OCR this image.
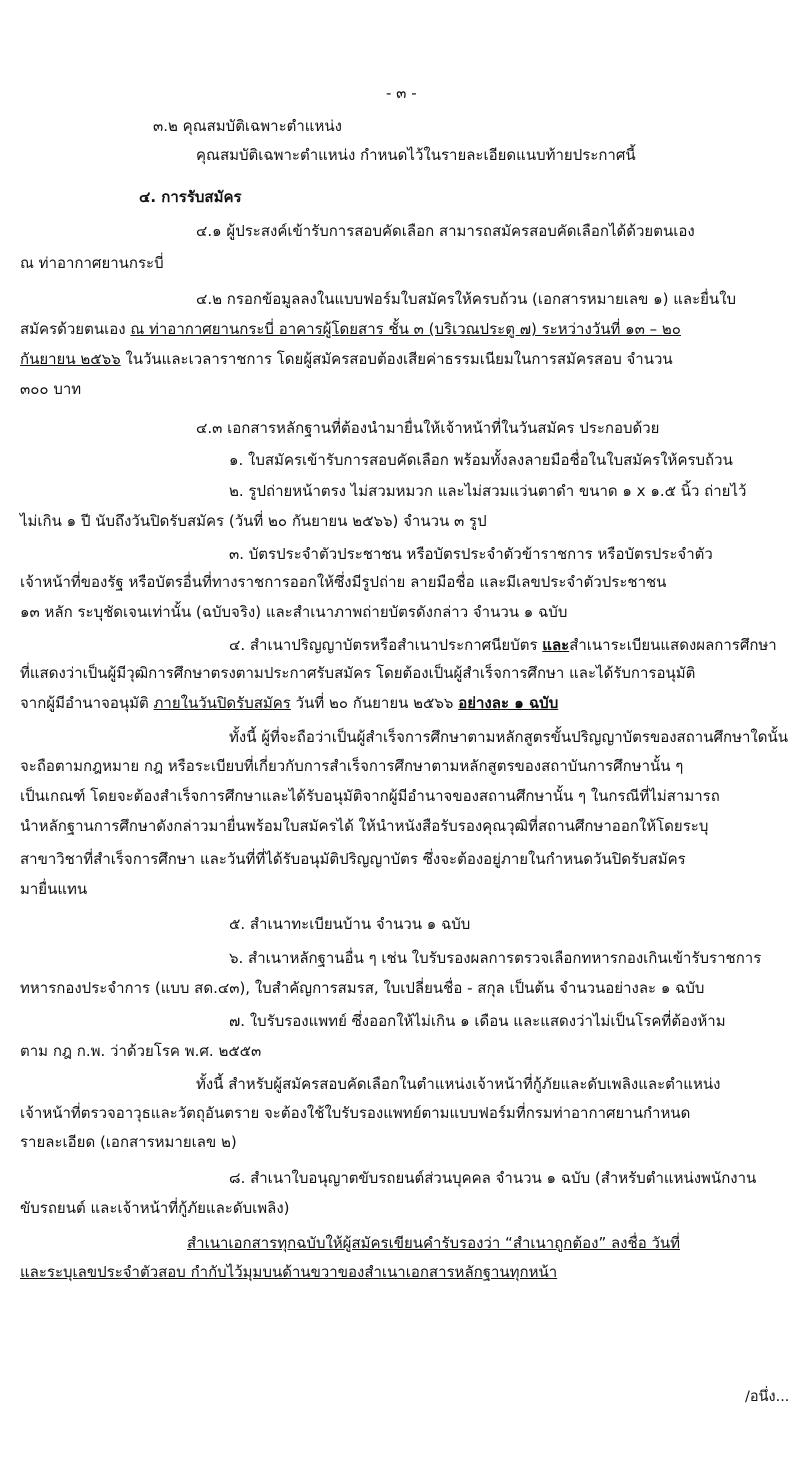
- ๓ -
๓.๒ คุณสมบัติเฉพาะตำแหน่ง
คุณสมบัติเฉพาะตำแหน่ง กำหนดไว้ในรายละเอียดแนบท้ายประกาศนี้
๔. การรับสมัคร
๔.๑ ผู้ประสงค์เข้ารับการสอบคัดเลือก สามารถสมัครสอบคัดเลือกได้ด้วยตนเอง
ณ ท่าอากาศยานกระบี่
๔.๒ กรอกข้อมูลลงในแบบฟอร์มใบสมัครให้ครบถ้วน (เอกสารหมายเลข ๑) และยื่นใบ
สมัครด้วยตนเอง ณ ท่าอากาศยานกระบี่ อาคารผู้โดยสาร ชั้น ๓ (บริเวณประตู ๗) ระหว่างวันที่ ๑๓ – ๒๐
กันยายน ๒๕๖๖ ในวันและเวลาราชการ โดยผู้สมัครสอบต้องเสียค่าธรรมเนียมในการสมัครสอบ จำนวน
๓๐๐ บาท
๔.๓ เอกสารหลักฐานที่ต้องนำมายื่นให้เจ้าหน้าที่ในวันสมัคร ประกอบด้วย
๑. ใบสมัครเข้ารับการสอบคัดเลือก พร้อมทั้งลงลายมือชื่อในใบสมัครให้ครบถ้วน
๒. รูปถ่ายหน้าตรง ไม่สวมหมวก และไม่สวมแว่นตาดำ ขนาด ๑ x ๑.๕ นิ้ว ถ่ายไว้
ไม่เกิน ๑ ปี นับถึงวันปิดรับสมัคร (วันที่ ๒๐ กันยายน ๒๕๖๖) จำนวน ๓ รูป
๓. บัตรประจำตัวประชาชน หรือบัตรประจำตัวข้าราชการ หรือบัตรประจำตัว
เจ้าหน้าที่ของรัฐ หรือบัตรอื่นที่ทางราชการออกให้ซึ่งมีรูปถ่าย ลายมือชื่อ และมีเลขประจำตัวประชาชน
๑๓ หลัก ระบุชัดเจนเท่านั้น (ฉบับจริง) และสำเนาภาพถ่ายบัตรดังกล่าว จำนวน ๑ ฉบับ
๔. สำเนาปริญญาบัตรหรือสำเนาประกาศนียบัตร และสำเนาระเบียนแสดงผลการศึกษา
ที่แสดงว่าเป็นผู้มีวุฒิการศึกษาตรงตามประกาศรับสมัคร โดยต้องเป็นผู้สำเร็จการศึกษา และได้รับการอนุมัติ
จากผู้มีอำนาจอนุมัติ ภายในวันปิดรับสมัคร วันที่ ๒๐ กันยายน ๒๕๖๖ อย่างละ ๑ ฉบับ
ทั้งนี้ ผู้ที่จะถือว่าเป็นผู้สำเร็จการศึกษาตามหลักสูตรขั้นปริญญาบัตรของสถานศึกษาใดนั้น
จะถือตามกฎหมาย กฎ หรือระเบียบที่เกี่ยวกับการสำเร็จการศึกษาตามหลักสูตรของสถาบันการศึกษานั้น ๆ
เป็นเกณฑ์ โดยจะต้องสำเร็จการศึกษาและได้รับอนุมัติจากผู้มีอำนาจของสถานศึกษานั้น ๆ ในกรณีที่ไม่สามารถ
นำหลักฐานการศึกษาดังกล่าวมายื่นพร้อมใบสมัครได้ ให้นำหนังสือรับรองคุณวุฒิที่สถานศึกษาออกให้โดยระบุ
สาขาวิชาที่สำเร็จการศึกษา และวันที่ที่ได้รับอนุมัติปริญญาบัตร ซึ่งจะต้องอยู่ภายในกำหนดวันปิดรับสมัคร
มายื่นแทน
๕. สำเนาทะเบียนบ้าน จำนวน ๑ ฉบับ
๖. สำเนาหลักฐานอื่น ๆ เช่น ใบรับรองผลการตรวจเลือกทหารกองเกินเข้ารับราชการ
ทหารกองประจำการ (แบบ สด.๔๓), ใบสำคัญการสมรส, ใบเปลี่ยนชื่อ - สกุล เป็นต้น จำนวนอย่างละ ๑ ฉบับ
๗. ใบรับรองแพทย์ ซึ่งออกให้ไม่เกิน ๑ เดือน และแสดงว่าไม่เป็นโรคที่ต้องห้าม
ตาม กฎ ก.พ. ว่าด้วยโรค พ.ศ. ๒๕๕๓
ทั้งนี้ สำหรับผู้สมัครสอบคัดเลือกในตำแหน่งเจ้าหน้าที่กู้ภัยและดับเพลิงและตำแหน่ง
เจ้าหน้าที่ตรวจอาวุธและวัตถุอันตราย จะต้องใช้ใบรับรองแพทย์ตามแบบฟอร์มที่กรมท่าอากาศยานกำหนด
รายละเอียด (เอกสารหมายเลข ๒)
๘. สำเนาใบอนุญาตขับรถยนต์ส่วนบุคคล จำนวน ๑ ฉบับ (สำหรับตำแหน่งพนักงาน
ขับรถยนต์ และเจ้าหน้าที่กู้ภัยและดับเพลิง)
สำเนาเอกสารทุกฉบับให้ผู้สมัครเขียนคำรับรองว่า “สำเนาถูกต้อง” ลงชื่อ วันที่
และระบุเลขประจำตัวสอบ กำกับไว้มุมบนด้านขวาของสำเนาเอกสารหลักฐานทุกหน้า
/อนึ่ง...
